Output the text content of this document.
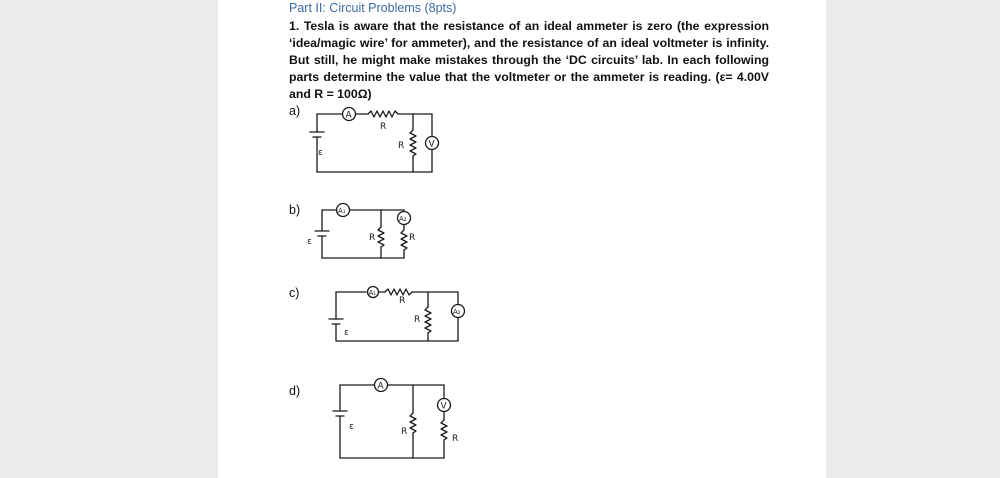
Part II: Circuit Problems (8pts)
1. Tesla is aware that the resistance of an ideal ammeter is zero (the expression ‘idea/magic wire’ for ammeter), and the resistance of an ideal voltmeter is infinity. But still, he might make mistakes through the ‘DC circuits’ lab. In each following parts determine the value that the voltmeter or the ammeter is reading. (ε= 4.00V and R = 100Ω)
a)
b)
c)
d)
A
R
ε
R	V
A₁
ε	R
A₂
R
A₁
R
ε
R
A₂
A
ε	R
V
R
